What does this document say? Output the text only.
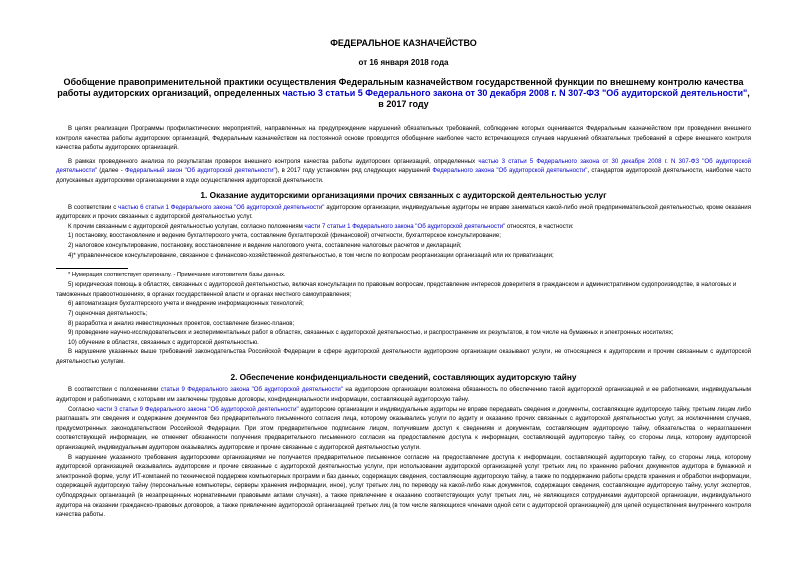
ФЕДЕРАЛЬНОЕ КАЗНАЧЕЙСТВО
от 16 января 2018 года
Обобщение правоприменительной практики осуществления Федеральным казначейством государственной функции по внешнему контролю качества работы аудиторских организаций, определенных частью 3 статьи 5 Федерального закона от 30 декабря 2008 г. N 307-ФЗ "Об аудиторской деятельности", в 2017 году

В целях реализации Программы профилактических мероприятий, направленных на предупреждение нарушений обязательных требований, соблюдение которых оценивается Федеральным казначейством при проведении внешнего контроля качества работы аудиторских организаций, Федеральным казначейством на постоянной основе проводится обобщение наиболее часто встречающихся случаев нарушений обязательных требований в сфере внешнего контроля качества работы аудиторских организаций.

В рамках проведенного анализа по результатам проверок внешнего контроля качества работы аудиторских организаций, определенных частью 3 статьи 5 Федерального закона от 30 декабря 2008 г. N 307-ФЗ "Об аудиторской деятельности" (далее - Федеральный закон "Об аудиторской деятельности"), в 2017 году установлен ряд следующих нарушений Федерального закона "Об аудиторской деятельности", стандартов аудиторской деятельности, наиболее часто допускаемых аудиторскими организациями в ходе осуществления аудиторской деятельности.

1. Оказание аудиторскими организациями прочих связанных с аудиторской деятельностью услуг

В соответствии с частью 6 статьи 1 Федерального закона "Об аудиторской деятельности" аудиторские организации, индивидуальные аудиторы не вправе заниматься какой-либо иной предпринимательской деятельностью, кроме оказания аудиторских и прочих связанных с аудиторской деятельностью услуг.

К прочим связанным с аудиторской деятельностью услугам, согласно положениям части 7 статьи 1 Федерального закона "Об аудиторской деятельности" относятся, в частности:

1) постановку, восстановление и ведение бухгалтерского учета, составление бухгалтерской (финансовой) отчетности, бухгалтерское консультирование;
2) налоговое консультирование, постановку, восстановление и ведение налогового учета, составление налоговых расчетов и деклараций;
4)* управленческое консультирование, связанное с финансово-хозяйственной деятельностью, в том числе по вопросам реорганизации организаций или их приватизации;
* Нумерация соответствует оригиналу. - Примечание изготовителя базы данных.
5) юридическая помощь в областях, связанных с аудиторской деятельностью, включая консультации по правовым вопросам, представление интересов доверителя в гражданском и административном судопроизводстве, в налоговых и таможенных правоотношениях, в органах государственной власти и органах местного самоуправления;
6) автоматизация бухгалтерского учета и внедрение информационных технологий;
7) оценочная деятельность;
8) разработка и анализ инвестиционных проектов, составление бизнес-планов;
9) проведение научно-исследовательских и экспериментальных работ в областях, связанных с аудиторской деятельностью, и распространение их результатов, в том числе на бумажных и электронных носителях;
10) обучение в областях, связанных с аудиторской деятельностью.

В нарушение указанных выше требований законодательства Российской Федерации в сфере аудиторской деятельности аудиторские организации оказывают услуги, не относящиеся к аудиторским и прочим связанным с аудиторской деятельностью услугам.

2. Обеспечение конфиденциальности сведений, составляющих аудиторскую тайну

В соответствии с положениями статьи 9 Федерального закона "Об аудиторской деятельности" на аудиторские организации возложена обязанность по обеспечению такой аудиторской организацией и ее работниками, индивидуальным аудитором и работниками, с которыми им заключены трудовые договоры, конфиденциальности информации, составляющей аудиторскую тайну.

Согласно части 3 статьи 9 Федерального закона "Об аудиторской деятельности" аудиторские организации и индивидуальные аудиторы не вправе передавать сведения и документы, составляющие аудиторскую тайну, третьим лицам либо разглашать эти сведения и содержание документов без предварительного письменного согласия лица, которому оказывались услуги по аудиту и оказанию прочих связанных с аудиторской деятельностью услуг, за исключением случаев, предусмотренных законодательством Российской Федерации. При этом предварительное подписание лицом, получившим доступ к сведениям и документам, составляющим аудиторскую тайну, обязательства о неразглашении соответствующей информации, не отменяет обязанности получения предварительного письменного согласия на предоставление доступа к информации, составляющей аудиторскую тайну, со стороны лица, которому аудиторской организацией, индивидуальным аудитором оказывались аудиторские и прочие связанные с аудиторской деятельностью услуги.

В нарушение указанного требования аудиторскими организациями не получается предварительное письменное согласие на предоставление доступа к информации, составляющей аудиторскую тайну, со стороны лица, которому аудиторской организацией оказывались аудиторские и прочие связанные с аудиторской деятельностью услуги, при использовании аудиторской организацией услуг третьих лиц по хранению рабочих документов аудитора в бумажной и электронной форме, услуг ИТ-компаний по технической поддержке компьютерных программ и баз данных, содержащих сведения, составляющие аудиторскую тайну, а также по поддержанию работы средств хранения и обработки информации, содержащей аудиторскую тайну (персональные компьютеры, серверы хранения информации, иное), услуг третьих лиц по переводу на какой-либо язык документов, содержащих сведения, составляющие аудиторскую тайну, услуг экспертов, субподрядных организаций (в незапрещенных нормативными правовыми актами случаях), а также привлечение к оказанию соответствующих услуг третьих лиц, не являющихся сотрудниками аудиторской организации, индивидуального аудитора на оказании гражданско-правовых договоров, а также привлечение аудиторской организацией третьих лиц (в том числе являющихся членами одной сети с аудиторской организацией) для целей осуществления внутреннего контроля качества работы.
